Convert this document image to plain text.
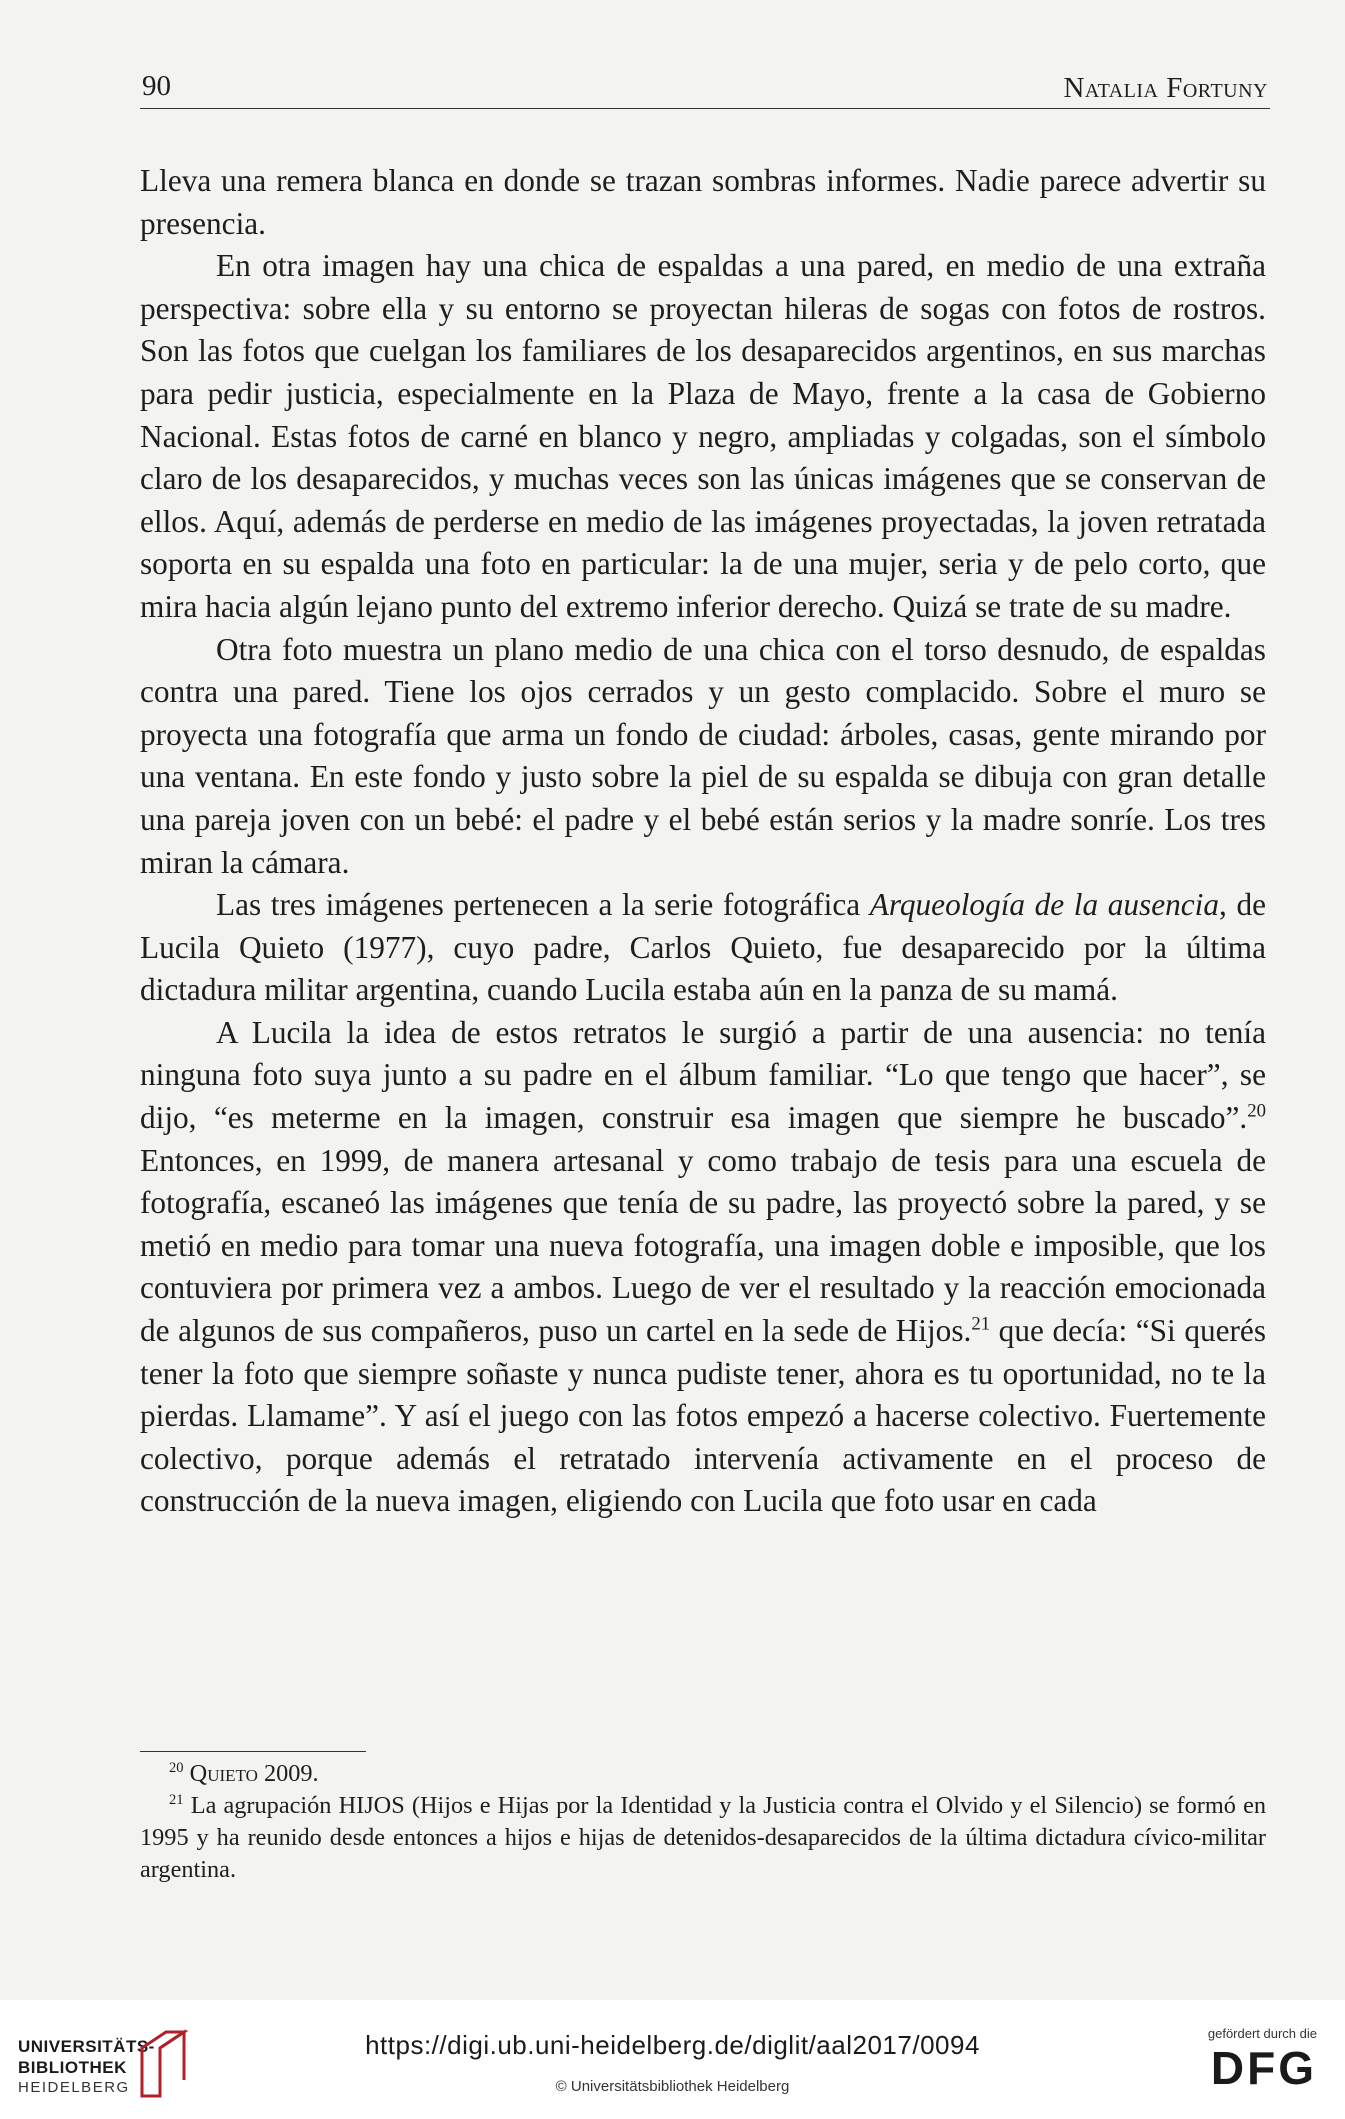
90	Natalia Fortuny

Lleva una remera blanca en donde se trazan sombras informes. Nadie parece advertir su presencia.

En otra imagen hay una chica de espaldas a una pared, en medio de una extraña perspectiva: sobre ella y su entorno se proyectan hileras de sogas con fotos de rostros. Son las fotos que cuelgan los familiares de los desaparecidos argentinos, en sus marchas para pedir justicia, especialmente en la Plaza de Mayo, frente a la casa de Gobierno Nacional. Estas fotos de carné en blanco y negro, ampliadas y colgadas, son el símbolo claro de los desaparecidos, y muchas veces son las únicas imágenes que se conservan de ellos. Aquí, además de perderse en medio de las imágenes proyectadas, la joven retratada soporta en su espalda una foto en particular: la de una mujer, seria y de pelo corto, que mira hacia algún lejano punto del extremo inferior derecho. Quizá se trate de su madre.

Otra foto muestra un plano medio de una chica con el torso desnudo, de espaldas contra una pared. Tiene los ojos cerrados y un gesto complacido. Sobre el muro se proyecta una fotografía que arma un fondo de ciudad: árboles, casas, gente mirando por una ventana. En este fondo y justo sobre la piel de su espalda se dibuja con gran detalle una pareja joven con un bebé: el padre y el bebé están serios y la madre sonríe. Los tres miran la cámara.

Las tres imágenes pertenecen a la serie fotográfica Arqueología de la ausencia, de Lucila Quieto (1977), cuyo padre, Carlos Quieto, fue desaparecido por la última dictadura militar argentina, cuando Lucila estaba aún en la panza de su mamá.

A Lucila la idea de estos retratos le surgió a partir de una ausencia: no tenía ninguna foto suya junto a su padre en el álbum familiar. “Lo que tengo que hacer”, se dijo, “es meterme en la imagen, construir esa imagen que siempre he buscado”.$^{20}$ Entonces, en 1999, de manera artesanal y como trabajo de tesis para una escuela de fotografía, escaneó las imágenes que tenía de su padre, las proyectó sobre la pared, y se metió en medio para tomar una nueva fotografía, una imagen doble e imposible, que los contuviera por primera vez a ambos. Luego de ver el resultado y la reacción emocionada de algunos de sus compañeros, puso un cartel en la sede de Hijos.$^{21}$ que decía: “Si querés tener la foto que siempre soñaste y nunca pudiste tener, ahora es tu oportunidad, no te la pierdas. Llamame”. Y así el juego con las fotos empezó a hacerse colectivo. Fuertemente colectivo, porque además el retratado intervenía activamente en el proceso de construcción de la nueva imagen, eligiendo con Lucila que foto usar en cada

$^{20}$ Quieto 2009.

$^{21}$ La agrupación HIJOS (Hijos e Hijas por la Identidad y la Justicia contra el Olvido y el Silencio) se formó en 1995 y ha reunido desde entonces a hijos e hijas de detenidos-desaparecidos de la última dictadura cívico-militar argentina.

UNIVERSITÄTS-
BIBLIOTHEK
HEIDELBERG
https://digi.ub.uni-heidelberg.de/diglit/aal2017/0094
© Universitätsbibliothek Heidelberg
gefördert durch die
DFG
